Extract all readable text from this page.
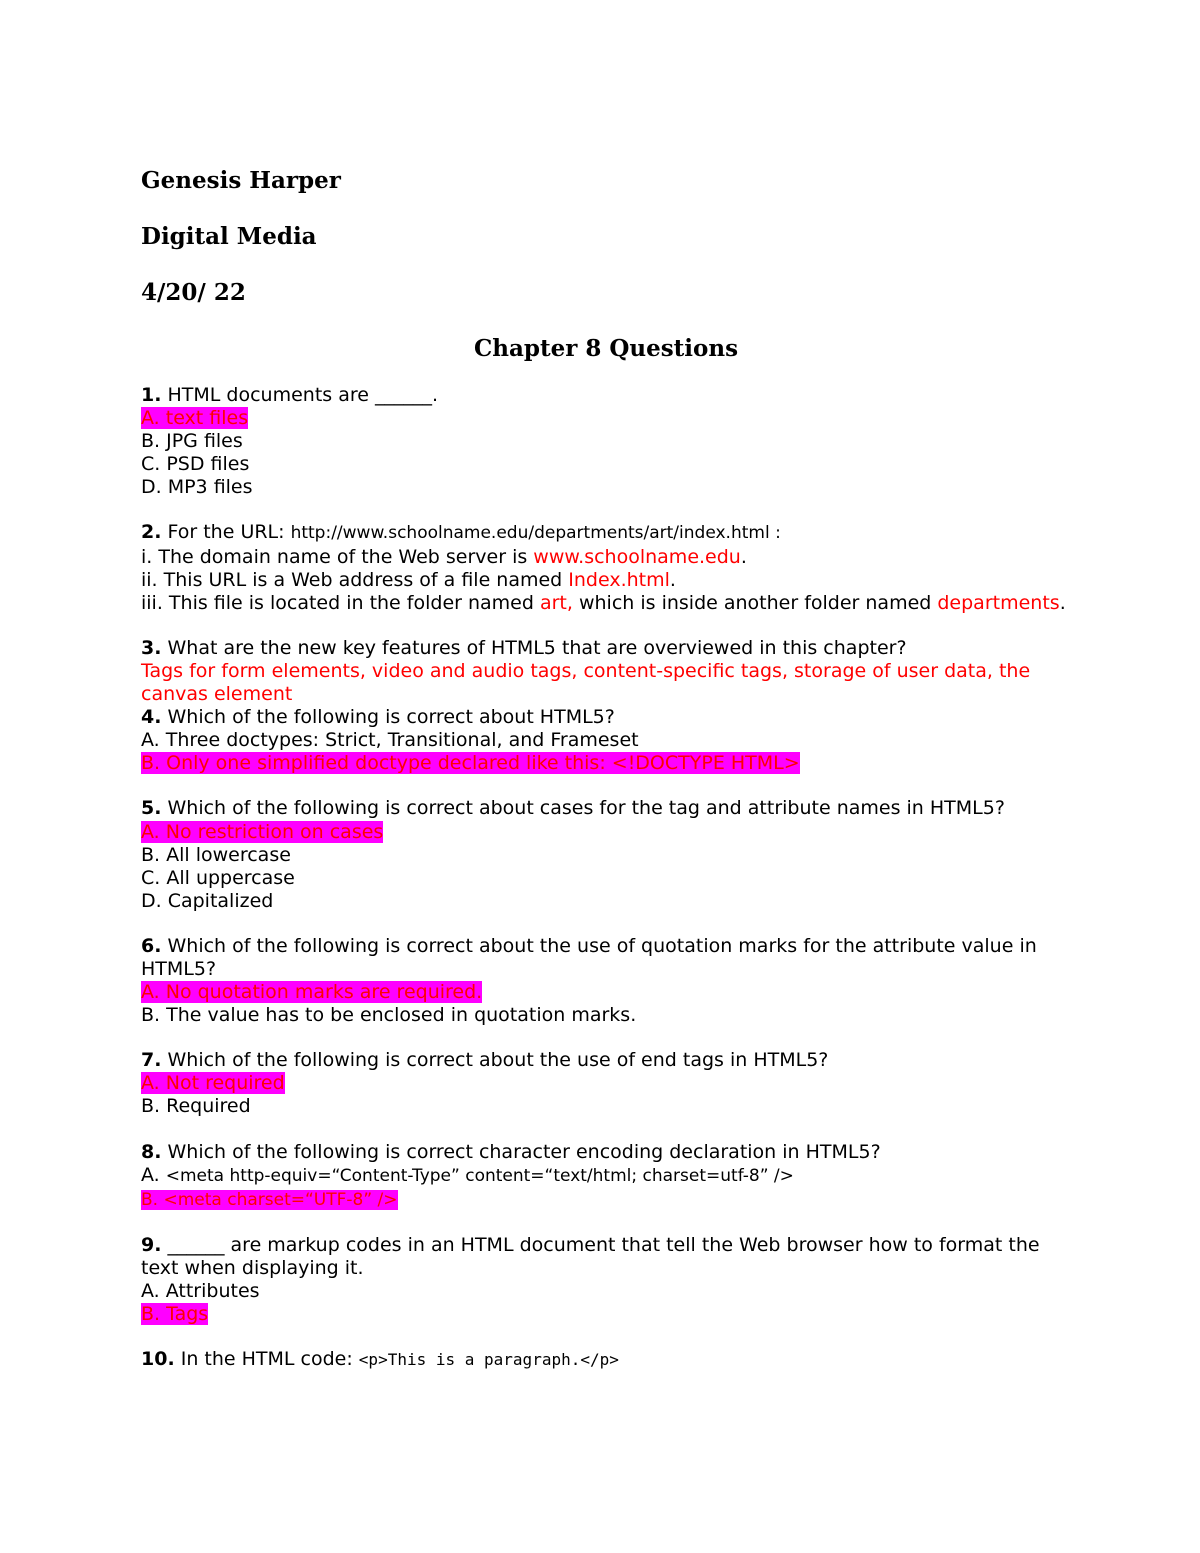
Genesis Harper
Digital Media
4/20/ 22
Chapter 8 Questions
1. HTML documents are ______.
A. text files
B. JPG files
C. PSD files
D. MP3 files
2. For the URL: http://www.schoolname.edu/departments/art/index.html :
i. The domain name of the Web server is www.schoolname.edu.
ii. This URL is a Web address of a file named Index.html.
iii. This file is located in the folder named art, which is inside another folder named departments.
3. What are the new key features of HTML5 that are overviewed in this chapter?
Tags for form elements, video and audio tags, content-specific tags, storage of user data, the canvas element
4. Which of the following is correct about HTML5?
A. Three doctypes: Strict, Transitional, and Frameset
B. Only one simplified doctype declared like this: <!DOCTYPE HTML>
5. Which of the following is correct about cases for the tag and attribute names in HTML5?
A. No restriction on cases
B. All lowercase
C. All uppercase
D. Capitalized
6. Which of the following is correct about the use of quotation marks for the attribute value in HTML5?
A. No quotation marks are required.
B. The value has to be enclosed in quotation marks.
7. Which of the following is correct about the use of end tags in HTML5?
A. Not required
B. Required
8. Which of the following is correct character encoding declaration in HTML5?
A. <meta http-equiv=“Content-Type” content=“text/html; charset=utf-8” />
B. <meta charset=“UTF-8” />
9. ______ are markup codes in an HTML document that tell the Web browser how to format the text when displaying it.
A. Attributes
B. Tags
10. In the HTML code: <p>This is a paragraph.</p>
